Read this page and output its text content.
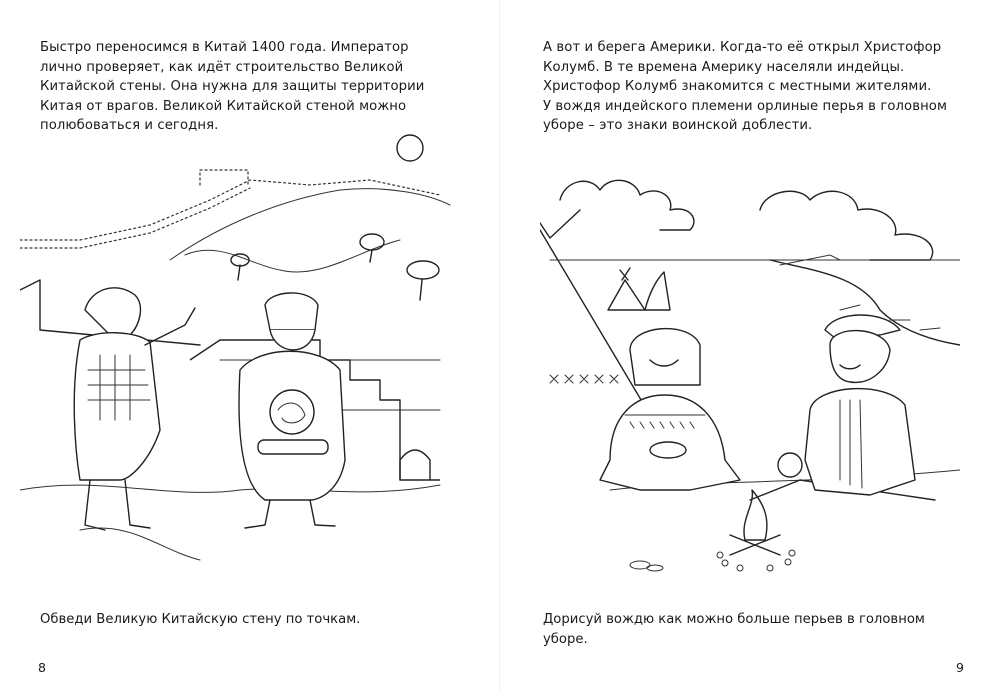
Быстро переносимся в Китай 1400 года. Император
лично проверяет, как идёт строительство Великой
Китайской стены. Она нужна для защиты территории
Китая от врагов. Великой Китайской стеной можно
полюбоваться и сегодня.

Обведи Великую Китайскую стену по точкам.
8

А вот и берега Америки. Когда-то её открыл Христофор
Колумб. В те времена Америку населяли индейцы.
Христофор Колумб знакомится с местными жителями.
У вождя индейского племени орлиные перья в головном
уборе – это знаки воинской доблести.

Дорисуй вождю как можно больше перьев в головном
уборе.
9
